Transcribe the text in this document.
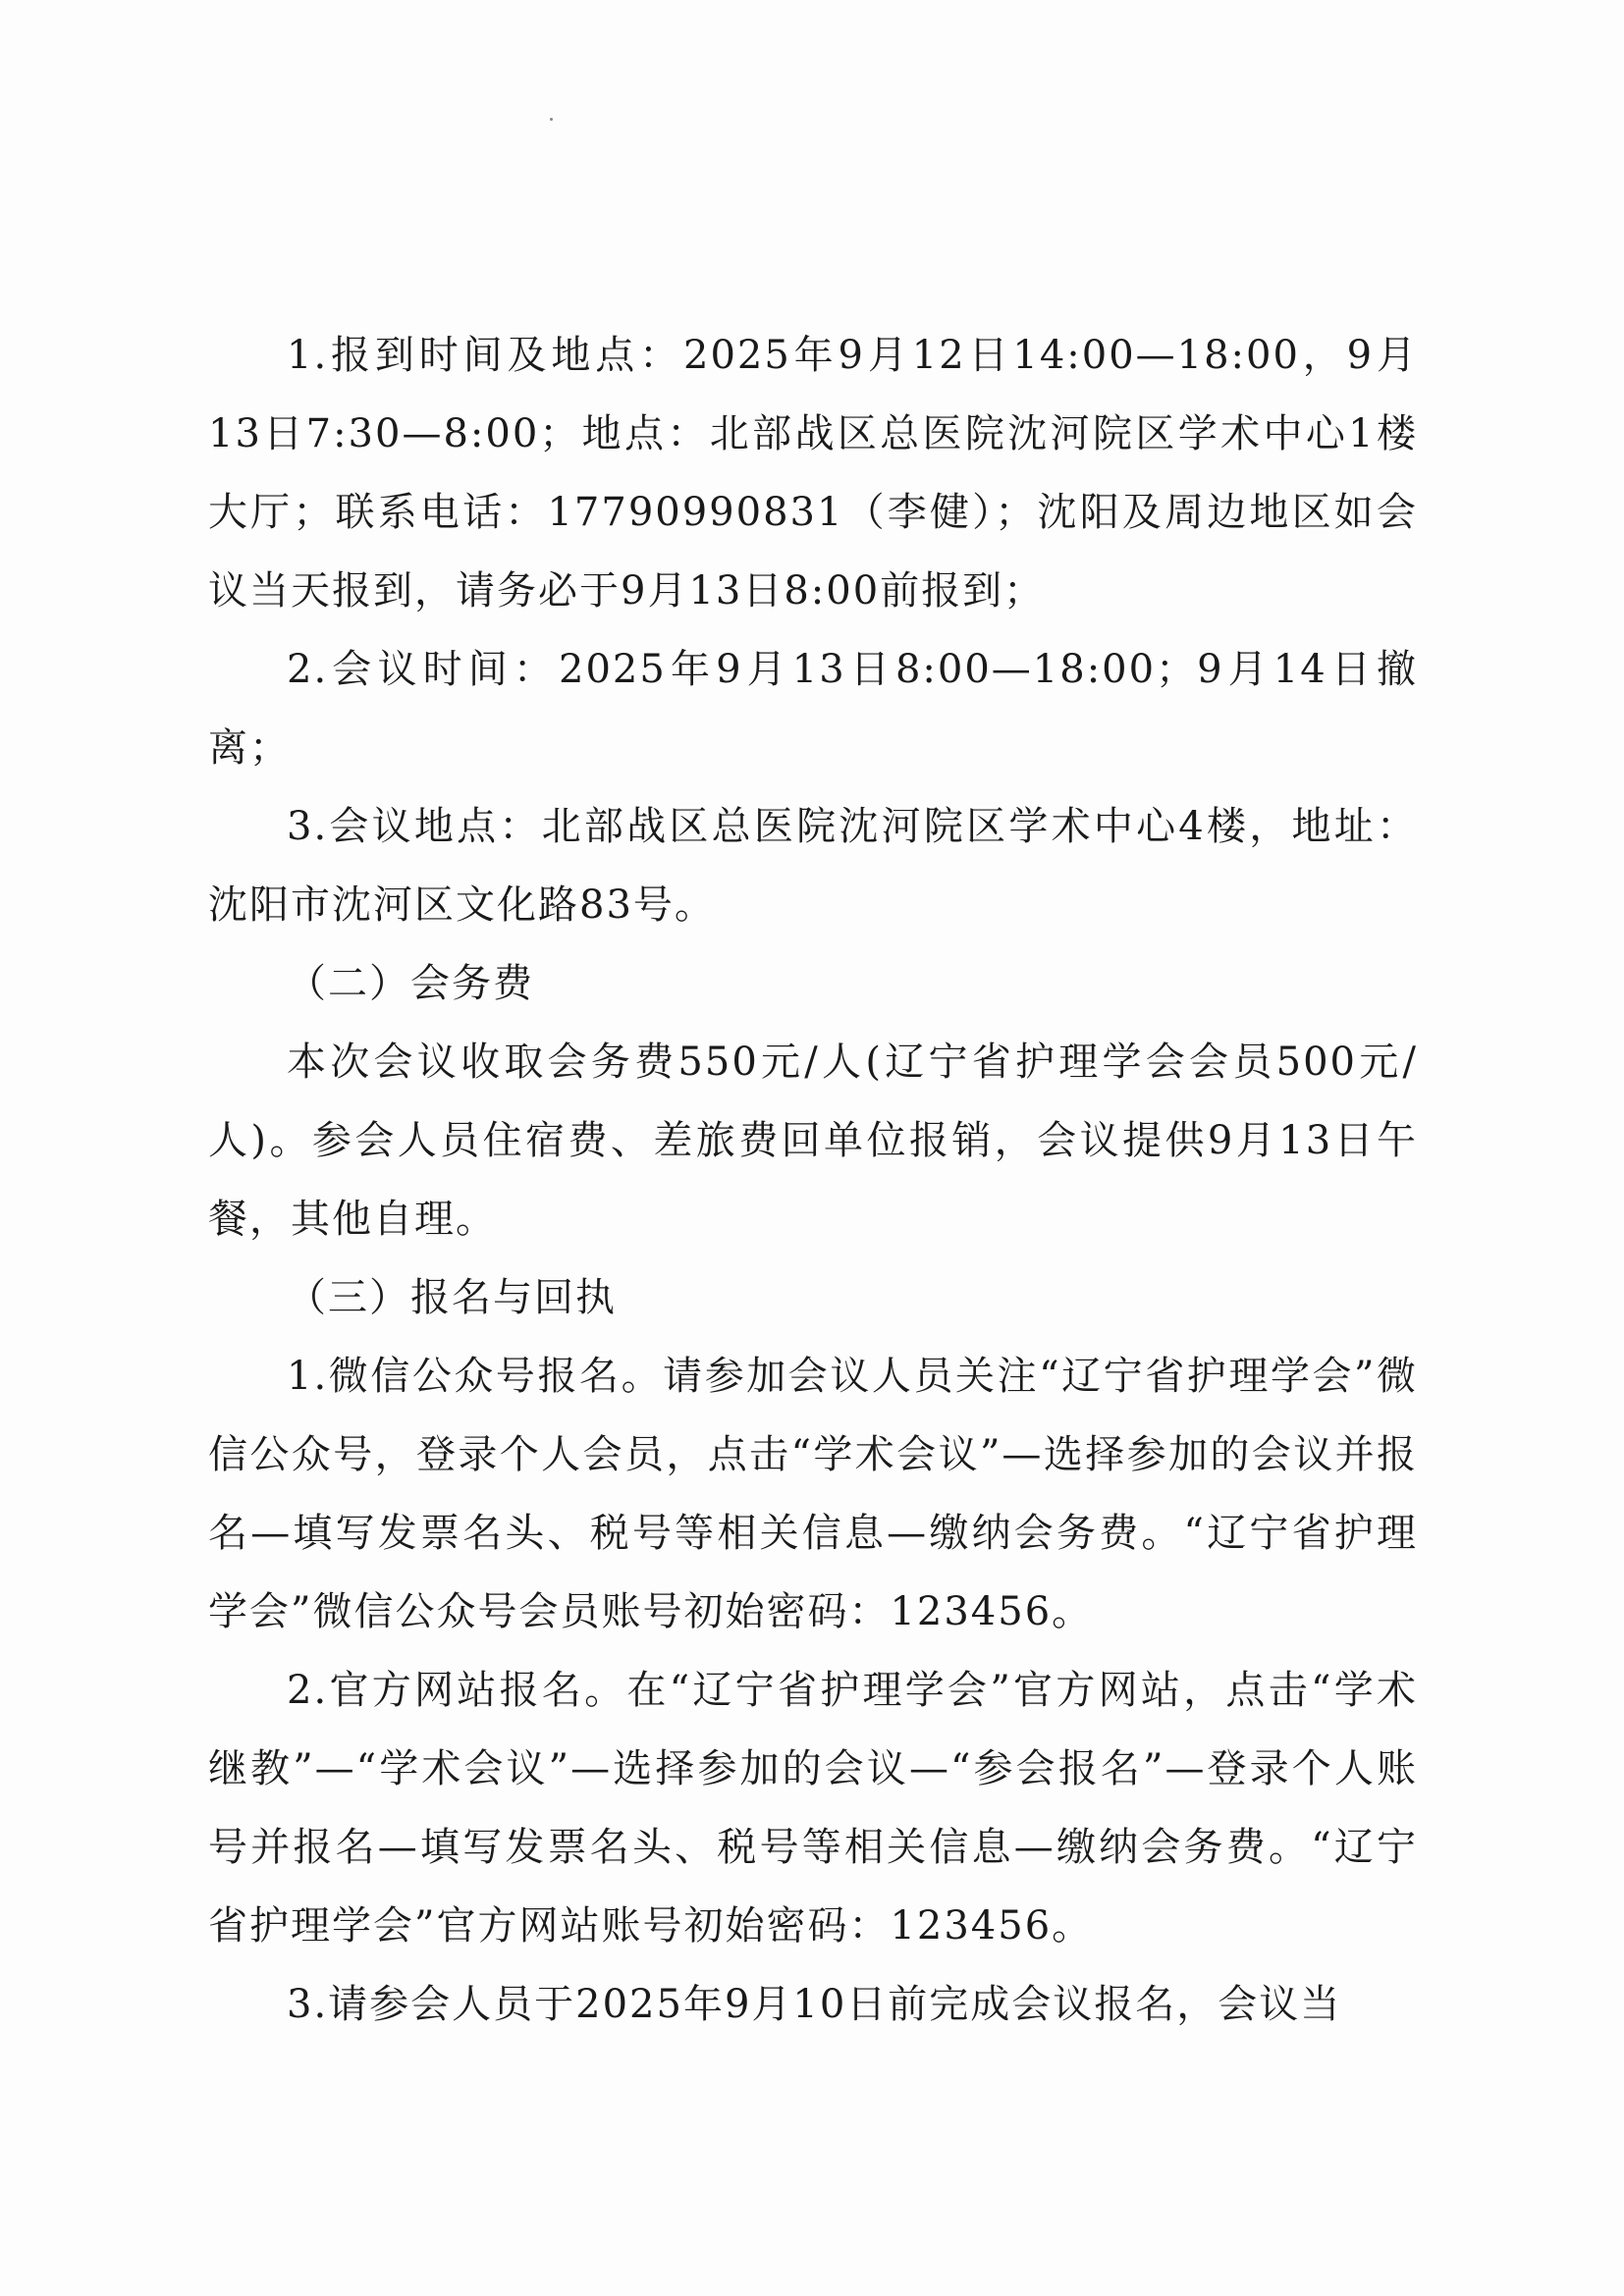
1.报到时间及地点：2025年9月12日14:00—18:00，9月13日7:30—8:00；地点：北部战区总医院沈河院区学术中心1楼大厅；联系电话：17790990831（李健）；沈阳及周边地区如会议当天报到，请务必于9月13日8:00前报到；

2.会议时间：2025年9月13日8:00—18:00；9月14日撤离；

3.会议地点：北部战区总医院沈河院区学术中心4楼，地址：沈阳市沈河区文化路83号。

（二）会务费

本次会议收取会务费550元/人(辽宁省护理学会会员500元/人)。参会人员住宿费、差旅费回单位报销，会议提供9月13日午餐，其他自理。

（三）报名与回执

1.微信公众号报名。请参加会议人员关注“辽宁省护理学会”微信公众号，登录个人会员，点击“学术会议”—选择参加的会议并报名—填写发票名头、税号等相关信息—缴纳会务费。“辽宁省护理学会”微信公众号会员账号初始密码：123456。

2.官方网站报名。在“辽宁省护理学会”官方网站，点击“学术继教”—“学术会议”—选择参加的会议—“参会报名”—登录个人账号并报名—填写发票名头、税号等相关信息—缴纳会务费。“辽宁省护理学会”官方网站账号初始密码：123456。

3.请参会人员于2025年9月10日前完成会议报名，会议当
